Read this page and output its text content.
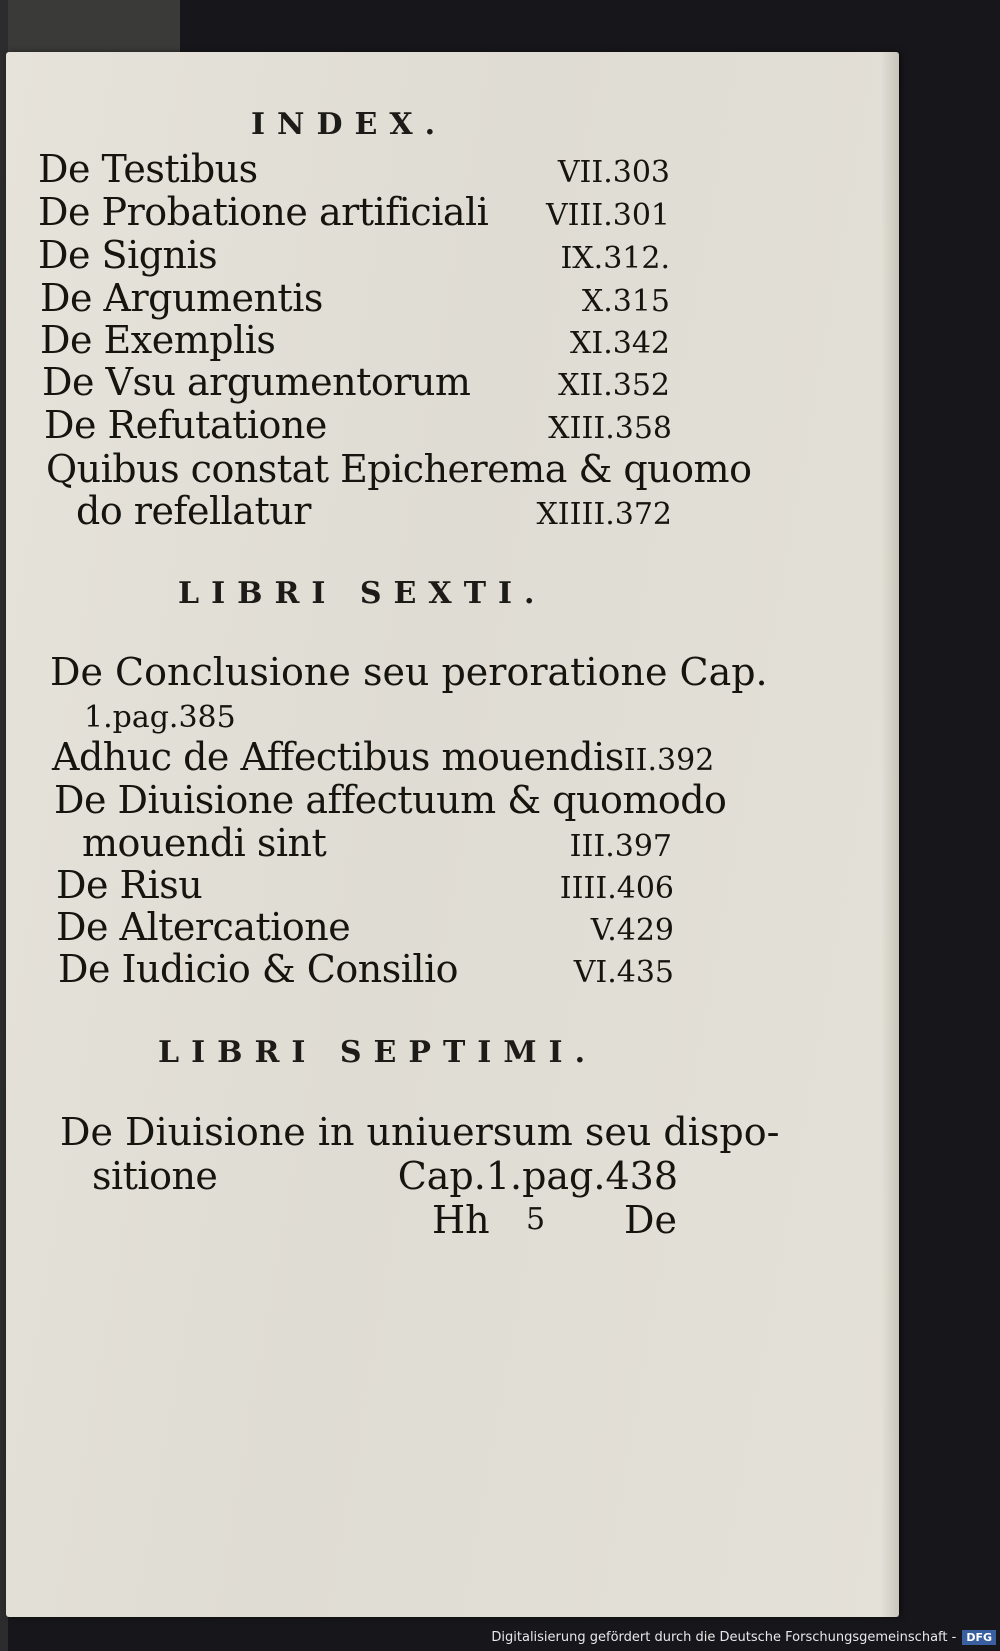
INDEX.
De Testibus	VII.303
De Probatione artificiali VIII.301
De Signis	IX.312.
De Argumentis	X.315
De Exemplis	XI.342
De Vsu argumentorum	XII.352
De Refutatione	XIII.358
Quibus constat Epicherema & quomo
do refellatur	XIIII.372
LIBRI SEXTI.
De Conclusione seu peroratione Cap.
1.pag.385
Adhuc de Affectibus mouendis II.392
De Diuisione affectuum & quomodo
mouendi sint	III.397
De Risu	IIII.406
De Altercatione	V.429
De Iudicio & Consilio	VI.435
LIBRI SEPTIMI.
De Diuisione in uniuersum seu dispo-
sitione	Cap.1.pag.438
Hh 5 De
Digitalisierung gefördert durch die Deutsche Forschungsgemeinschaft - DFG
